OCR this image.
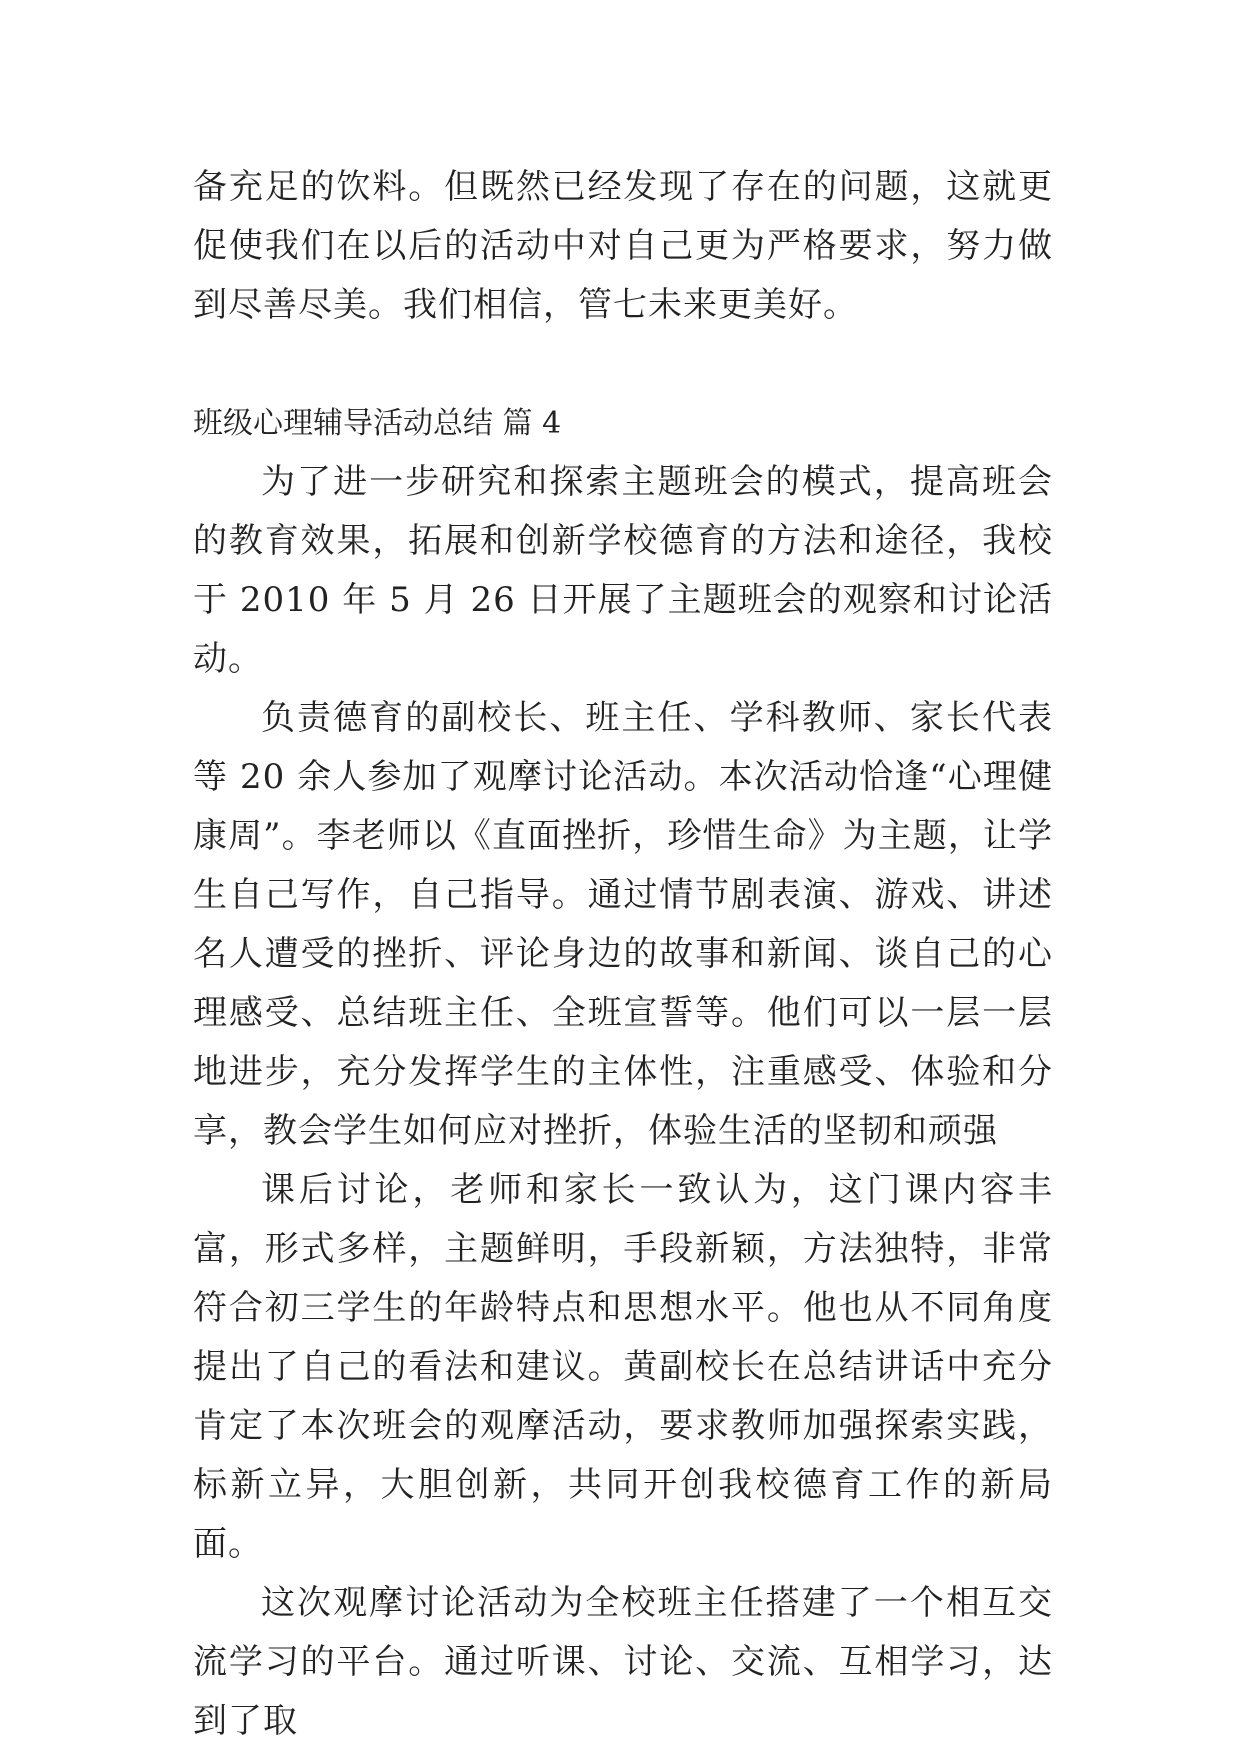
备充足的饮料。但既然已经发现了存在的问题，这就更促使我们在以后的活动中对自己更为严格要求，努力做到尽善尽美。我们相信，管七未来更美好。

班级心理辅导活动总结 篇 4

为了进一步研究和探索主题班会的模式，提高班会的教育效果，拓展和创新学校德育的方法和途径，我校于 2010 年 5 月 26 日开展了主题班会的观察和讨论活动。

负责德育的副校长、班主任、学科教师、家长代表等 20 余人参加了观摩讨论活动。本次活动恰逢“心理健康周”。李老师以《直面挫折，珍惜生命》为主题，让学生自己写作，自己指导。通过情节剧表演、游戏、讲述名人遭受的挫折、评论身边的故事和新闻、谈自己的心理感受、总结班主任、全班宣誓等。他们可以一层一层地进步，充分发挥学生的主体性，注重感受、体验和分享，教会学生如何应对挫折，体验生活的坚韧和顽强

课后讨论，老师和家长一致认为，这门课内容丰富，形式多样，主题鲜明，手段新颖，方法独特，非常符合初三学生的年龄特点和思想水平。他也从不同角度提出了自己的看法和建议。黄副校长在总结讲话中充分肯定了本次班会的观摩活动，要求教师加强探索实践，标新立异，大胆创新，共同开创我校德育工作的新局面。

这次观摩讨论活动为全校班主任搭建了一个相互交流学习的平台。通过听课、讨论、交流、互相学习，达到了取
